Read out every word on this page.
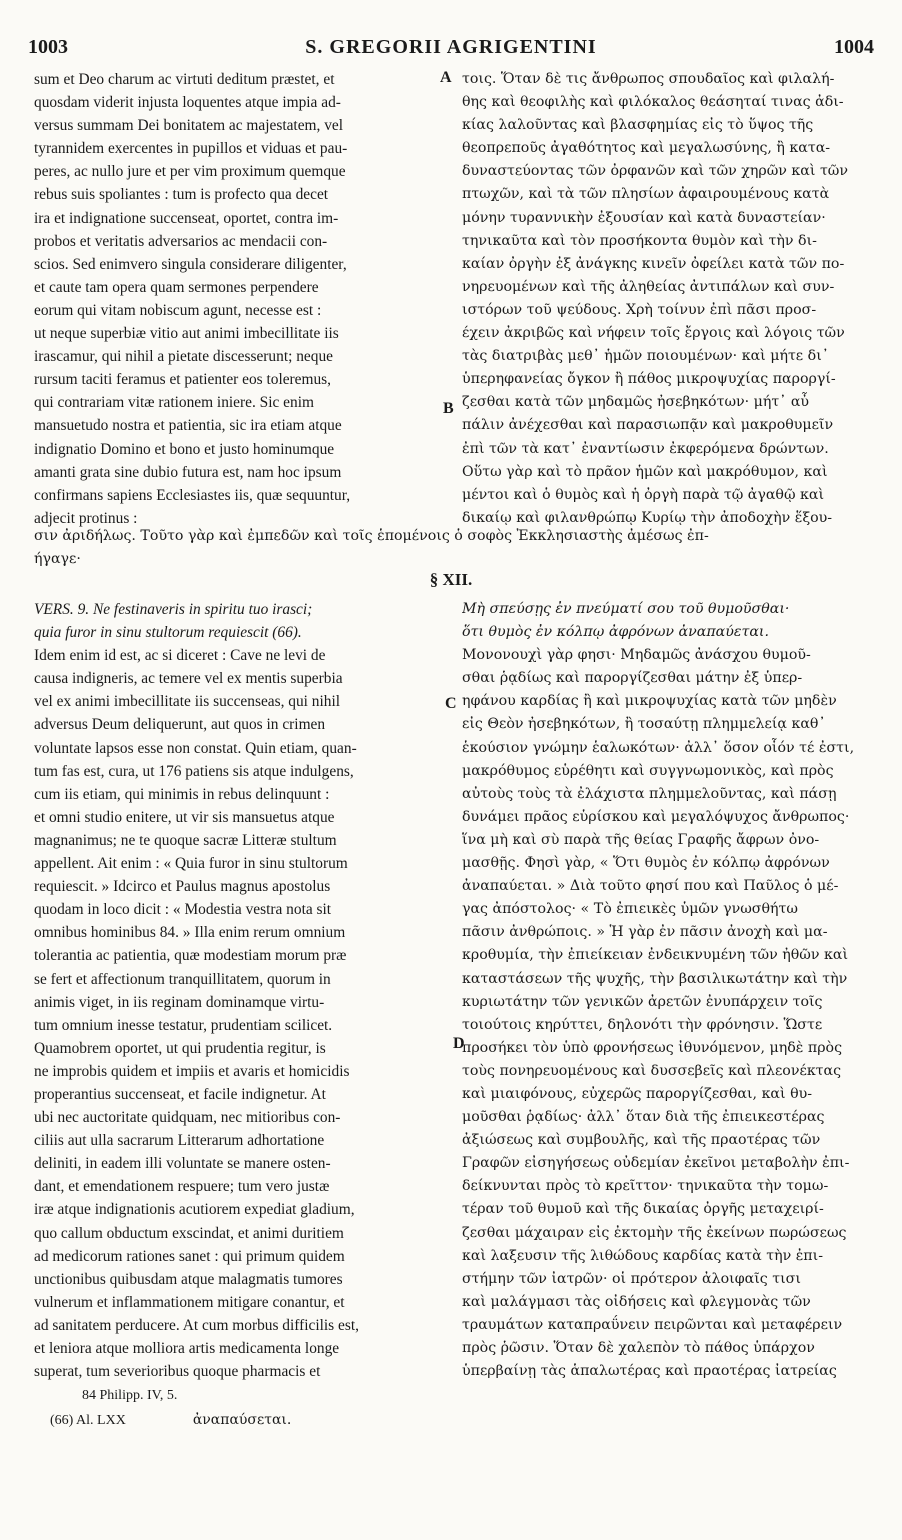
1003	S. GREGORII AGRIGENTINI	1004
A
B
C
D
sum et Deo charum ac virtuti deditum præstet, et
quosdam viderit injusta loquentes atque impia ad-
versus summam Dei bonitatem ac majestatem, vel
tyrannidem exercentes in pupillos et viduas et pau-
peres, ac nullo jure et per vim proximum quemque
rebus suis spoliantes : tum is profecto qua decet
ira et indignatione succenseat, oportet, contra im-
probos et veritatis adversarios ac mendacii con-
scios. Sed enimvero singula considerare diligenter,
et caute tam opera quam sermones perpendere
eorum qui vitam nobiscum agunt, necesse est :
ut neque superbiæ vitio aut animi imbecillitate iis
irascamur, qui nihil a pietate discesserunt; neque
rursum taciti feramus et patienter eos toleremus,
qui contrariam vitæ rationem iniere. Sic enim
mansuetudo nostra et patientia, sic ira etiam atque
indignatio Domino et bono et justo hominumque
amanti grata sine dubio futura est, nam hoc ipsum
confirmans sapiens Ecclesiastes iis, quæ sequuntur,
adjecit protinus :
τοις. Ὅταν δὲ τις ἄνθρωπος σπουδαῖος καὶ φιλαλή-
θης καὶ θεοφιλὴς καὶ φιλόκαλος θεάσηταί τινας ἀδι-
κίας λαλοῦντας καὶ βλασφημίας εἰς τὸ ὕψος τῆς
θεοπρεποῦς ἀγαθότητος καὶ μεγαλωσύνης, ἢ κατα-
δυναστεύοντας τῶν ὀρφανῶν καὶ τῶν χηρῶν καὶ τῶν
πτωχῶν, καὶ τὰ τῶν πλησίων ἀφαιρουμένους κατὰ
μόνην τυραννικὴν ἐξουσίαν καὶ κατὰ δυναστείαν·
τηνικαῦτα καὶ τὸν προσήκοντα θυμὸν καὶ τὴν δι-
καίαν ὀργὴν ἐξ ἀνάγκης κινεῖν ὀφείλει κατὰ τῶν πο-
νηρευομένων καὶ τῆς ἀληθείας ἀντιπάλων καὶ συν-
ιστόρων τοῦ ψεύδους. Χρὴ τοίνυν ἐπὶ πᾶσι προσ-
έχειν ἀκριβῶς καὶ νήφειν τοῖς ἔργοις καὶ λόγοις τῶν
τὰς διατριβὰς μεθ᾽ ἡμῶν ποιουμένων· καὶ μήτε δι᾽
ὑπερηφανείας ὄγκον ἢ πάθος μικροψυχίας παροργί-
ζεσθαι κατὰ τῶν μηδαμῶς ἠσεβηκότων· μήτ᾽ αὖ
πάλιν ἀνέχεσθαι καὶ παρασιωπᾷν καὶ μακροθυμεῖν
ἐπὶ τῶν τὰ κατ᾽ ἐναντίωσιν ἐκφερόμενα δρώντων.
Οὕτω γὰρ καὶ τὸ πρᾶον ἡμῶν καὶ μακρόθυμον, καὶ
μέντοι καὶ ὁ θυμὸς καὶ ἡ ὀργὴ παρὰ τῷ ἀγαθῷ καὶ
δικαίῳ καὶ φιλανθρώπῳ Κυρίῳ τὴν ἀποδοχὴν ἕξου-
σιν ἀριδήλως. Τοῦτο γὰρ καὶ ἐμπεδῶν καὶ τοῖς ἑπομένοις ὁ σοφὸς Ἐκκλησιαστὴς ἀμέσως ἐπ-
ήγαγε·
§ XII.
VERS. 9. Ne festinaveris in spiritu tuo irasci;
quia furor in sinu stultorum requiescit (66).
Idem enim id est, ac si diceret : Cave ne levi de
causa indigneris, ac temere vel ex mentis superbia
vel ex animi imbecillitate iis succenseas, qui nihil
adversus Deum deliquerunt, aut quos in crimen
voluntate lapsos esse non constat. Quin etiam, quan-
tum fas est, cura, ut 176 patiens sis atque indulgens,
cum iis etiam, qui minimis in rebus delinquunt :
et omni studio enitere, ut vir sis mansuetus atque
magnanimus; ne te quoque sacræ Litteræ stultum
appellent. Ait enim : « Quia furor in sinu stultorum
requiescit. » Idcirco et Paulus magnus apostolus
quodam in loco dicit : « Modestia vestra nota sit
omnibus hominibus 84. » Illa enim rerum omnium
tolerantia ac patientia, quæ modestiam morum præ
se fert et affectionum tranquillitatem, quorum in
animis viget, in iis reginam dominamque virtu-
tum omnium inesse testatur, prudentiam scilicet.
Quamobrem oportet, ut qui prudentia regitur, is
ne improbis quidem et impiis et avaris et homicidis
properantius succenseat, et facile indignetur. At
ubi nec auctoritate quidquam, nec mitioribus con-
ciliis aut ulla sacrarum Litterarum adhortatione
deliniti, in eadem illi voluntate se manere osten-
dant, et emendationem respuere; tum vero justæ
iræ atque indignationis acutiorem expediat gladium,
quo callum obductum exscindat, et animi duritiem
ad medicorum rationes sanet : qui primum quidem
unctionibus quibusdam atque malagmatis tumores
vulnerum et inflammationem mitigare conantur, et
ad sanitatem perducere. At cum morbus difficilis est,
et leniora atque molliora artis medicamenta longe
superat, tum severioribus quoque pharmacis et
Μὴ σπεύσῃς ἐν πνεύματί σου τοῦ θυμοῦσθαι·
ὅτι θυμὸς ἐν κόλπῳ ἀφρόνων ἀναπαύεται.
Μονονουχὶ γὰρ φησι· Μηδαμῶς ἀνάσχου θυμοῦ-
σθαι ῥᾳδίως καὶ παροργίζεσθαι μάτην ἐξ ὑπερ-
ηφάνου καρδίας ἢ καὶ μικροψυχίας κατὰ τῶν μηδὲν
εἰς Θεὸν ἠσεβηκότων, ἢ τοσαύτῃ πλημμελείᾳ καθ᾽
ἑκούσιον γνώμην ἑαλωκότων· ἀλλ᾽ ὅσον οἷόν τέ ἐστι,
μακρόθυμος εὑρέθητι καὶ συγγνωμονικὸς, καὶ πρὸς
αὐτοὺς τοὺς τὰ ἐλάχιστα πλημμελοῦντας, καὶ πάσῃ
δυνάμει πρᾶος εὑρίσκου καὶ μεγαλόψυχος ἄνθρωπος·
ἵνα μὴ καὶ σὺ παρὰ τῆς θείας Γραφῆς ἄφρων ὀνο-
μασθῇς. Φησὶ γὰρ, « Ὅτι θυμὸς ἐν κόλπῳ ἀφρόνων
ἀναπαύεται. » Διὰ τοῦτο φησί που καὶ Παῦλος ὁ μέ-
γας ἀπόστολος· « Τὸ ἐπιεικὲς ὑμῶν γνωσθήτω
πᾶσιν ἀνθρώποις. » Ἡ γὰρ ἐν πᾶσιν ἀνοχὴ καὶ μα-
κροθυμία, τὴν ἐπιείκειαν ἐνδεικνυμένη τῶν ἠθῶν καὶ
καταστάσεων τῆς ψυχῆς, τὴν βασιλικωτάτην καὶ τὴν
κυριωτάτην τῶν γενικῶν ἀρετῶν ἐνυπάρχειν τοῖς
τοιούτοις κηρύττει, δηλονότι τὴν φρόνησιν. Ὥστε
προσήκει τὸν ὑπὸ φρονήσεως ἰθυνόμενον, μηδὲ πρὸς
τοὺς πονηρευομένους καὶ δυσσεβεῖς καὶ πλεονέκτας
καὶ μιαιφόνους, εὐχερῶς παροργίζεσθαι, καὶ θυ-
μοῦσθαι ῥᾳδίως· ἀλλ᾽ ὅταν διὰ τῆς ἐπιεικεστέρας
ἀξιώσεως καὶ συμβουλῆς, καὶ τῆς πραοτέρας τῶν
Γραφῶν εἰσηγήσεως οὐδεμίαν ἐκεῖνοι μεταβολὴν ἐπι-
δείκνυνται πρὸς τὸ κρεῖττον· τηνικαῦτα τὴν τομω-
τέραν τοῦ θυμοῦ καὶ τῆς δικαίας ὀργῆς μεταχειρί-
ζεσθαι μάχαιραν εἰς ἐκτομὴν τῆς ἐκείνων πωρώσεως
καὶ λαξευσιν τῆς λιθώδους καρδίας κατὰ τὴν ἐπι-
στήμην τῶν ἰατρῶν· οἱ πρότερον ἀλοιφαῖς τισι
καὶ μαλάγμασι τὰς οἰδήσεις καὶ φλεγμονὰς τῶν
τραυμάτων καταπραΰνειν πειρῶνται καὶ μεταφέρειν
πρὸς ῥῶσιν. Ὅταν δὲ χαλεπὸν τὸ πάθος ὑπάρχον
ὑπερβαίνῃ τὰς ἁπαλωτέρας καὶ πραοτέρας ἰατρείας
84 Philipp. IV, 5.
(66) Al. LXX	ἀναπαύσεται.
